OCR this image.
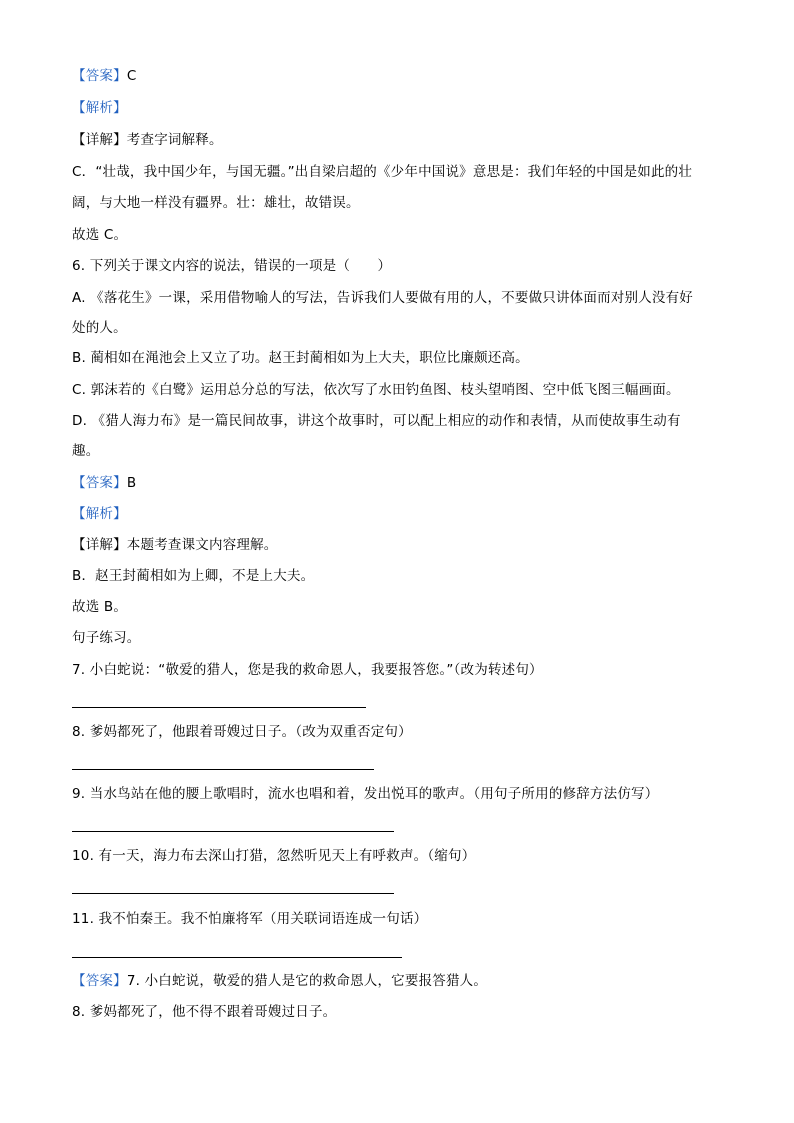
【答案】C
【解析】
【详解】考查字词解释。
C．“壮哉，我中国少年，与国无疆。”出自梁启超的《少年中国说》意思是：我们年轻的中国是如此的壮
阔，与大地一样没有疆界。壮：雄壮，故错误。
故选 C。
6. 下列关于课文内容的说法，错误的一项是（　　）
A. 《落花生》一课，采用借物喻人的写法，告诉我们人要做有用的人，不要做只讲体面而对别人没有好
处的人。
B. 蔺相如在渑池会上又立了功。赵王封蔺相如为上大夫，职位比廉颇还高。
C. 郭沫若的《白鹭》运用总分总的写法，依次写了水田钓鱼图、枝头望哨图、空中低飞图三幅画面。
D. 《猎人海力布》是一篇民间故事，讲这个故事时，可以配上相应的动作和表情，从而使故事生动有
趣。
【答案】B
【解析】
【详解】本题考查课文内容理解。
B．赵王封蔺相如为上卿，不是上大夫。
故选 B。
句子练习。
7. 小白蛇说：“敬爱的猎人，您是我的救命恩人，我要报答您。”（改为转述句）
8. 爹妈都死了，他跟着哥嫂过日子。（改为双重否定句）
9. 当水鸟站在他的腰上歌唱时，流水也唱和着，发出悦耳的歌声。（用句子所用的修辞方法仿写）
10. 有一天，海力布去深山打猎，忽然听见天上有呼救声。（缩句）
11. 我不怕秦王。我不怕廉将军（用关联词语连成一句话）
【答案】7. 小白蛇说，敬爱的猎人是它的救命恩人，它要报答猎人。
8. 爹妈都死了，他不得不跟着哥嫂过日子。
